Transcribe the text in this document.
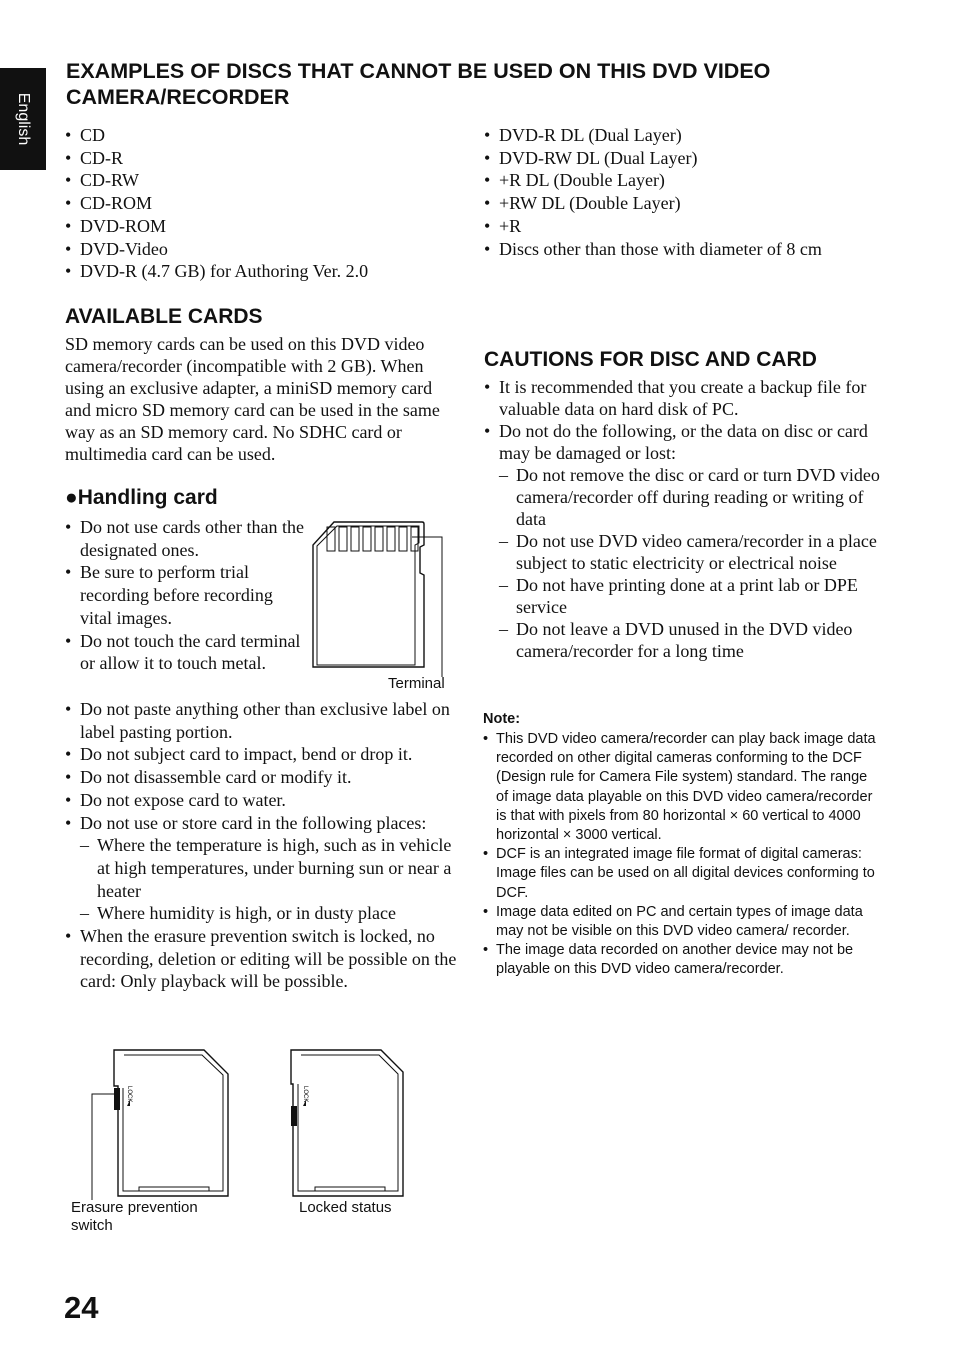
English
EXAMPLES OF DISCS THAT CANNOT BE USED ON THIS DVD VIDEO CAMERA/RECORDER
• CD
• CD-R
• CD-RW
• CD-ROM
• DVD-ROM
• DVD-Video
• DVD-R (4.7 GB) for Authoring Ver. 2.0
• DVD-R DL (Dual Layer)
• DVD-RW DL (Dual Layer)
• +R DL (Double Layer)
• +RW DL (Double Layer)
• +R
• Discs other than those with diameter of 8 cm
AVAILABLE CARDS
SD memory cards can be used on this DVD video camera/recorder (incompatible with 2 GB). When using an exclusive adapter, a miniSD memory card and micro SD memory card can be used in the same way as an SD memory card. No SDHC card or multimedia card can be used.
●Handling card
• Do not use cards other than the designated ones.
• Be sure to perform trial recording before recording vital images.
• Do not touch the card terminal or allow it to touch metal.
• Do not paste anything other than exclusive label on label pasting portion.
• Do not subject card to impact, bend or drop it.
• Do not disassemble card or modify it.
• Do not expose card to water.
• Do not use or store card in the following places:
– Where the temperature is high, such as in vehicle at high temperatures, under burning sun or near a heater
– Where humidity is high, or in dusty place
• When the erasure prevention switch is locked, no recording, deletion or editing will be possible on the card: Only playback will be possible.
Terminal
LOCK	LOCK
Erasure prevention switch
Locked status
CAUTIONS FOR DISC AND CARD
• It is recommended that you create a backup file for valuable data on hard disk of PC.
• Do not do the following, or the data on disc or card may be damaged or lost:
– Do not remove the disc or card or turn DVD video camera/recorder off during reading or writing of data
– Do not use DVD video camera/recorder in a place subject to static electricity or electrical noise
– Do not have printing done at a print lab or DPE service
– Do not leave a DVD unused in the DVD video camera/recorder for a long time
Note:
• This DVD video camera/recorder can play back image data recorded on other digital cameras conforming to the DCF (Design rule for Camera File system) standard. The range of image data playable on this DVD video camera/recorder is that with pixels from 80 horizontal × 60 vertical to 4000 horizontal × 3000 vertical.
• DCF is an integrated image file format of digital cameras: Image files can be used on all digital devices conforming to DCF.
• Image data edited on PC and certain types of image data may not be visible on this DVD video camera/ recorder.
• The image data recorded on another device may not be playable on this DVD video camera/recorder.
24
